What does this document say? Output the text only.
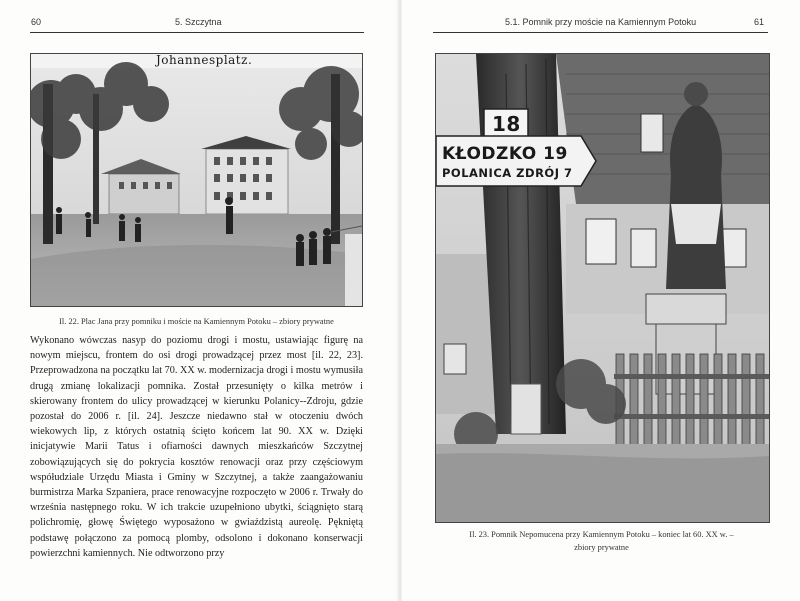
60	5. Szczytna
Johannesplatz.
Il. 22. Plac Jana przy pomniku i moście na Kamiennym Potoku – zbiory prywatne

Wykonano wówczas nasyp do poziomu drogi i mostu, ustawiając figurę na nowym miejscu, frontem do osi drogi prowadzącej przez most [il. 22, 23]. Przeprowadzona na początku lat 70. XX w. modernizacja drogi i mostu wymusiła drugą zmianę lokalizacji pomnika. Został przesunięty o kilka metrów i skierowany frontem do ulicy prowadzącej w kierunku Polanicy--Zdroju, gdzie pozostał do 2006 r. [il. 24]. Jeszcze niedawno stał w otoczeniu dwóch wiekowych lip, z których ostatnią ścięto końcem lat 90. XX w. Dzięki inicjatywie Marii Tatus i ofiarności dawnych mieszkańców Szczytnej zobowiązujących się do pokrycia kosztów renowacji oraz przy częściowym współudziale Urzędu Miasta i Gminy w Szczytnej, a także zaangażowaniu burmistrza Marka Szpaniera, prace renowacyjne rozpoczęto w 2006 r. Trwały do września następnego roku. W ich trakcie uzupełniono ubytki, ściągnięto starą polichromię, głowę Świętego wyposażono w gwiaździstą aureolę. Pękniętą podstawę połączono za pomocą plomby, odsolono i dokonano konserwacji powierzchni kamiennych. Nie odtworzono przy

5.1. Pomnik przy moście na Kamiennym Potoku	61
18
KŁODZKO 19
POLANICA ZDRÓJ 7
Il. 23. Pomnik Nepomucena przy Kamiennym Potoku – koniec lat 60. XX w. –
zbiory prywatne
